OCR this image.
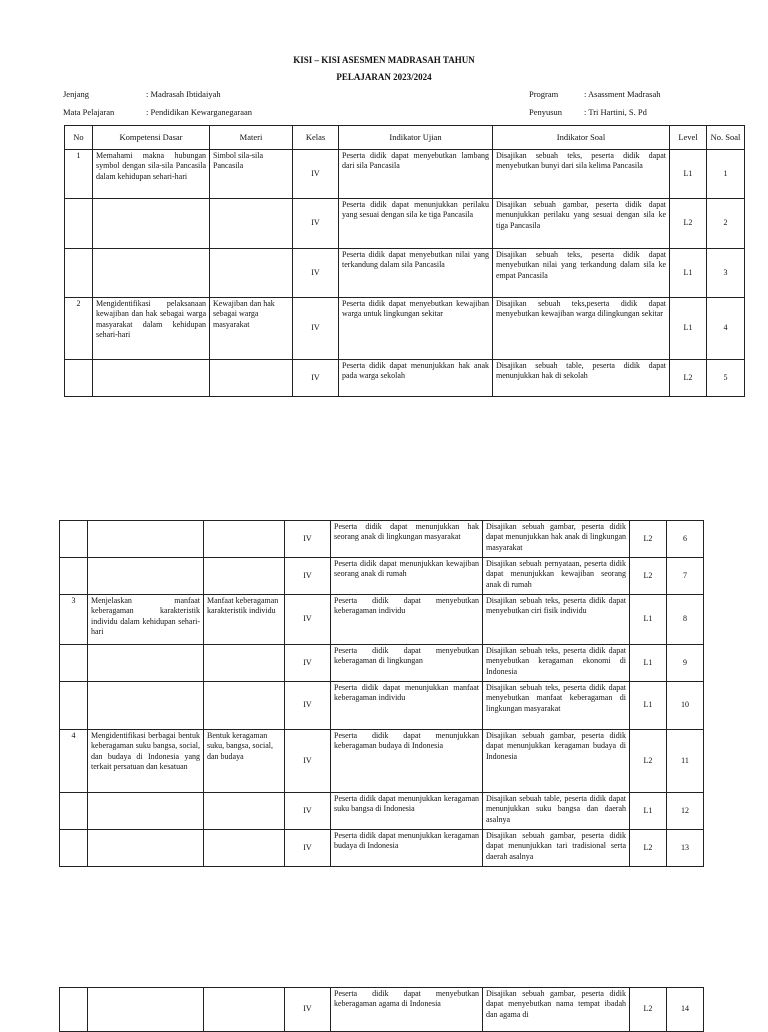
KISI – KISI ASESMEN MADRASAH TAHUN
PELAJARAN 2023/2024
Jenjang	: Madrasah Ibtidaiyah
Mata Pelajaran	: Pendidikan Kewarganegaraan
Program	: Asassment Madrasah
Penyusun	: Tri Hartini, S. Pd
No	Kompetensi Dasar	Materi	Kelas	Indikator Ujian	Indikator Soal	Level	No. Soal
1	Memahami makna hubungan symbol dengan sila-sila Pancasila dalam kehidupan sehari-hari	Simbol sila-sila Pancasila	IV	Peserta didik dapat menyebutkan lambang dari sila Pancasila	Disajikan sebuah teks, peserta didik dapat menyebutkan bunyi dari sila kelima Pancasila	L1	1
			IV	Peserta didik dapat menunjukkan perilaku yang sesuai dengan sila ke tiga Pancasila	Disajikan sebuah gambar, peserta didik dapat menunjukkan perilaku yang sesuai dengan sila ke tiga Pancasila	L2	2
			IV	Peserta didik dapat menyebutkan nilai yang terkandung dalam sila Pancasila	Disajikan sebuah teks, peserta didik dapat menyebutkan nilai yang terkandung dalam sila ke empat Pancasila	L1	3
2	Mengidentifikasi pelaksanaan kewajiban dan hak sebagai warga masyarakat dalam kehidupan sehari-hari	Kewajiban dan hak sebagai warga masyarakat	IV	Peserta didik dapat menyebutkan kewajiban warga untuk lingkungan sekitar	Disajikan sebuah teks,peserta didik dapat menyebutkan kewajiban warga dilingkungan sekitar	L1	4
			IV	Peserta didik dapat menunjukkan hak anak pada warga sekolah	Disajikan sebuah table, peserta didik dapat menunjukkan hak di sekolah	L2	5
			IV	Peserta didik dapat menunjukkan hak seorang anak di lingkungan masyarakat	Disajikan sebuah gambar, peserta didik dapat menunjukkan hak anak di lingkungan masyarakat	L2	6
			IV	Peserta didik dapat menunjukkan kewajiban seorang anak di rumah	Disajikan sebuah pernyataan, peserta didik dapat menunjukkan kewajiban seorang anak di rumah	L2	7
3	Menjelaskan manfaat keberagaman karakteristik individu dalam kehidupan sehari-hari	Manfaat keberagaman karakteristik individu	IV	Peserta didik dapat menyebutkan keberagaman individu	Disajikan sebuah teks, peserta didik dapat menyebutkan ciri fisik individu	L1	8
			IV	Peserta didik dapat menyebutkan keberagaman di lingkungan	Disajikan sebuah teks, peserta didik dapat menyebutkan keragaman ekonomi di Indonesia	L1	9
			IV	Peserta didik dapat menunjukkan manfaat keberagaman individu	Disajikan sebuah teks, peserta didik dapat menyebutkan manfaat keberagaman di lingkungan masyarakat	L1	10
4	Mengidentifikasi berbagai bentuk keberagaman suku bangsa, social, dan budaya di Indonesia yang terkait persatuan dan kesatuan	Bentuk keragaman suku, bangsa, social, dan budaya	IV	Peserta didik dapat menunjukkan keberagaman budaya di Indonesia	Disajikan sebuah gambar, peserta didik dapat menunjukkan keragaman budaya di Indonesia	L2	11
			IV	Peserta didik dapat menunjukkan keragaman suku bangsa di Indonesia	Disajikan sebuah table, peserta didik dapat menunjukkan suku bangsa dan daerah asalnya	L1	12
			IV	Peserta didik dapat menunjukkan keragaman budaya di Indonesia	Disajikan sebuah gambar, peserta didik dapat menunjukkan tari tradisional serta daerah asalnya	L2	13
			IV	Peserta didik dapat menyebutkan keberagaman agama di Indonesia	Disajikan sebuah gambar, peserta didik dapat menyebutkan nama tempat ibadah dan agama di	L2	14
